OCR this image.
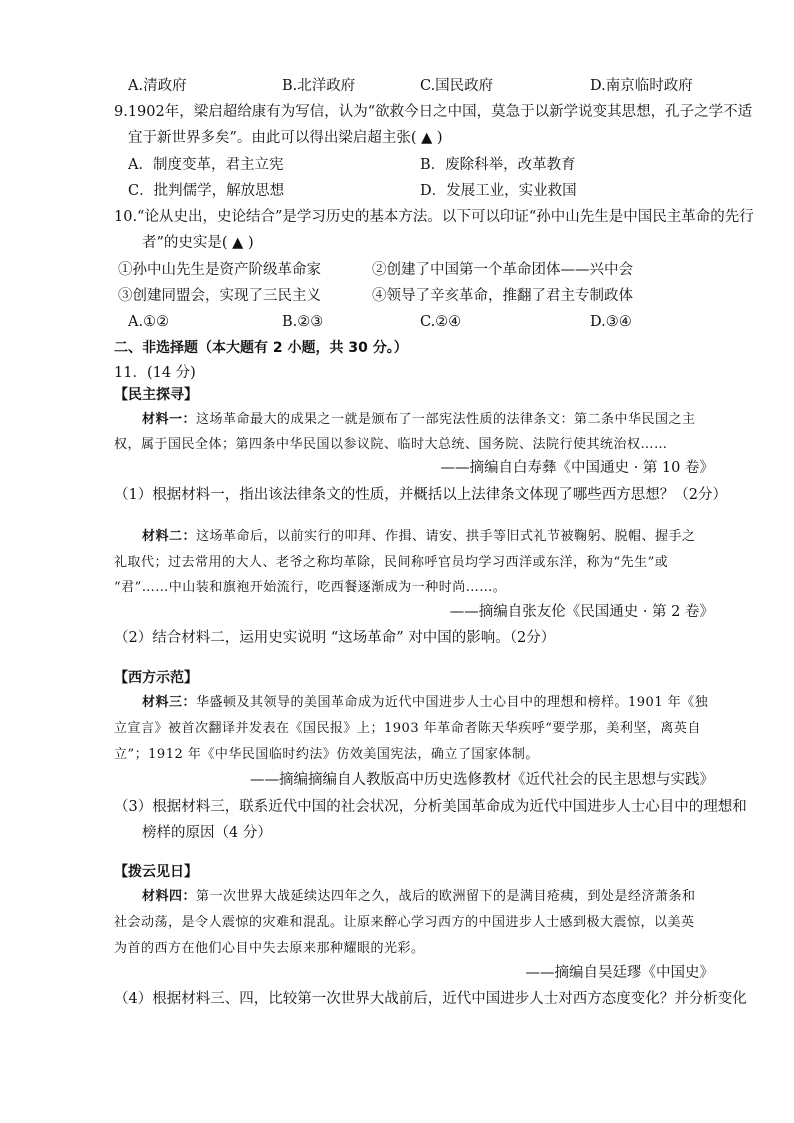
A.清政府	B.北洋政府	C.国民政府	D.南京临时政府
9.1902年，梁启超给康有为写信，认为“欲救今日之中国，莫急于以新学说变其思想，孔子之学不适
宜于新世界多矣”。由此可以得出梁启超主张( ▲ )
A．制度变革，君主立宪	B．废除科举，改革教育
C．批判儒学，解放思想	D．发展工业，实业救国
10.“论从史出，史论结合”是学习历史的基本方法。以下可以印证“孙中山先生是中国民主革命的先行
者”的史实是( ▲ )
①孙中山先生是资产阶级革命家	②创建了中国第一个革命团体——兴中会
③创建同盟会，实现了三民主义	④领导了辛亥革命，推翻了君主专制政体
A.①②	B.②③	C.②④	D.③④
二、非选择题（本大题有 2 小题，共 30 分。）
11．(14 分)
【民主探寻】
材料一：这场革命最大的成果之一就是颁布了一部宪法性质的法律条文：第二条中华民国之主
权，属于国民全体；第四条中华民国以参议院、临时大总统、国务院、法院行使其统治权……
——摘编自白寿彝《中国通史 · 第 10 卷》
（1）根据材料一，指出该法律条文的性质，并概括以上法律条文体现了哪些西方思想？（2分）
材料二：这场革命后，以前实行的叩拜、作揖、请安、拱手等旧式礼节被鞠躬、脱帽、握手之
礼取代；过去常用的大人、老爷之称均革除，民间称呼官员均学习西洋或东洋，称为“先生”或
“君”……中山装和旗袍开始流行，吃西餐逐渐成为一种时尚……。
——摘编自张友伦《民国通史 · 第 2 卷》
（2）结合材料二，运用史实说明 “这场革命” 对中国的影响。（2分）
【西方示范】
材料三：华盛顿及其领导的美国革命成为近代中国进步人士心目中的理想和榜样。1901 年《独
立宣言》被首次翻译并发表在《国民报》上；1903 年革命者陈天华疾呼“要学那，美利坚，离英自
立”；1912 年《中华民国临时约法》仿效美国宪法，确立了国家体制。
——摘编摘编自人教版高中历史选修教材《近代社会的民主思想与实践》
（3）根据材料三，联系近代中国的社会状况，分析美国革命成为近代中国进步人士心目中的理想和
榜样的原因（4 分）
【拨云见日】
材料四：第一次世界大战延续达四年之久，战后的欧洲留下的是满目疮痍，到处是经济萧条和
社会动荡，是令人震惊的灾难和混乱。让原来醉心学习西方的中国进步人士感到极大震惊，以美英
为首的西方在他们心目中失去原来那种耀眼的光彩。
——摘编自吴廷璆《中国史》
（4）根据材料三、四，比较第一次世界大战前后，近代中国进步人士对西方态度变化？并分析变化
